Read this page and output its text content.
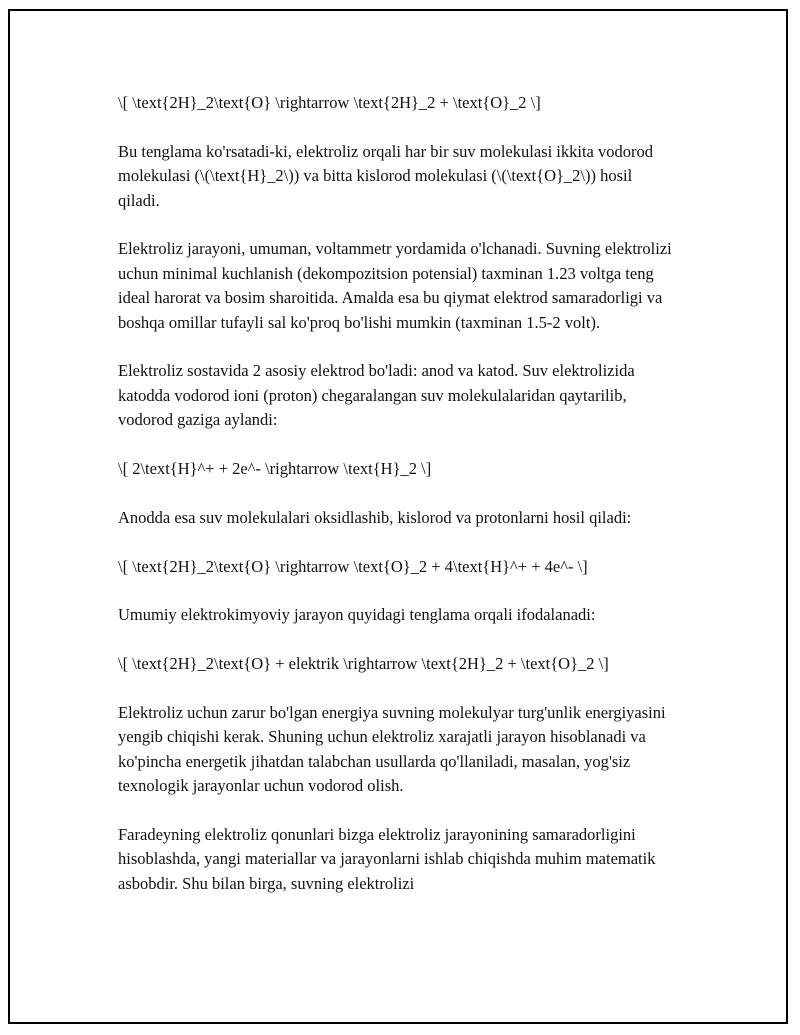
\[ \text{2H}_2\text{O} \rightarrow \text{2H}_2 + \text{O}_2 \]

Bu tenglama ko'rsatadi-ki, elektroliz orqali har bir suv molekulasi ikkita vodorod molekulasi (\(\text{H}_2\)) va bitta kislorod molekulasi (\(\text{O}_2\)) hosil qiladi.

Elektroliz jarayoni, umuman, voltammetr yordamida o'lchanadi. Suvning elektrolizi uchun minimal kuchlanish (dekompozitsion potensial) taxminan 1.23 voltga teng ideal harorat va bosim sharoitida. Amalda esa bu qiymat elektrod samaradorligi va boshqa omillar tufayli sal ko'proq bo'lishi mumkin (taxminan 1.5-2 volt).

Elektroliz sostavida 2 asosiy elektrod bo'ladi: anod va katod. Suv elektrolizida katodda vodorod ioni (proton) chegaralangan suv molekulalaridan qaytarilib, vodorod gaziga aylandi:

\[ 2\text{H}^+ + 2e^- \rightarrow \text{H}_2 \]

Anodda esa suv molekulalari oksidlashib, kislorod va protonlarni hosil qiladi:

\[ \text{2H}_2\text{O} \rightarrow \text{O}_2 + 4\text{H}^+ + 4e^- \]

Umumiy elektrokimyoviy jarayon quyidagi tenglama orqali ifodalanadi:

\[ \text{2H}_2\text{O} + elektrik \rightarrow \text{2H}_2 + \text{O}_2 \]

Elektroliz uchun zarur bo'lgan energiya suvning molekulyar turg'unlik energiyasini yengib chiqishi kerak. Shuning uchun elektroliz xarajatli jarayon hisoblanadi va ko'pincha energetik jihatdan talabchan usullarda qo'llaniladi, masalan, yog'siz texnologik jarayonlar uchun vodorod olish.

Faradeyning elektroliz qonunlari bizga elektroliz jarayonining samaradorligini hisoblashda, yangi materiallar va jarayonlarni ishlab chiqishda muhim matematik asbobdir. Shu bilan birga, suvning elektrolizi
